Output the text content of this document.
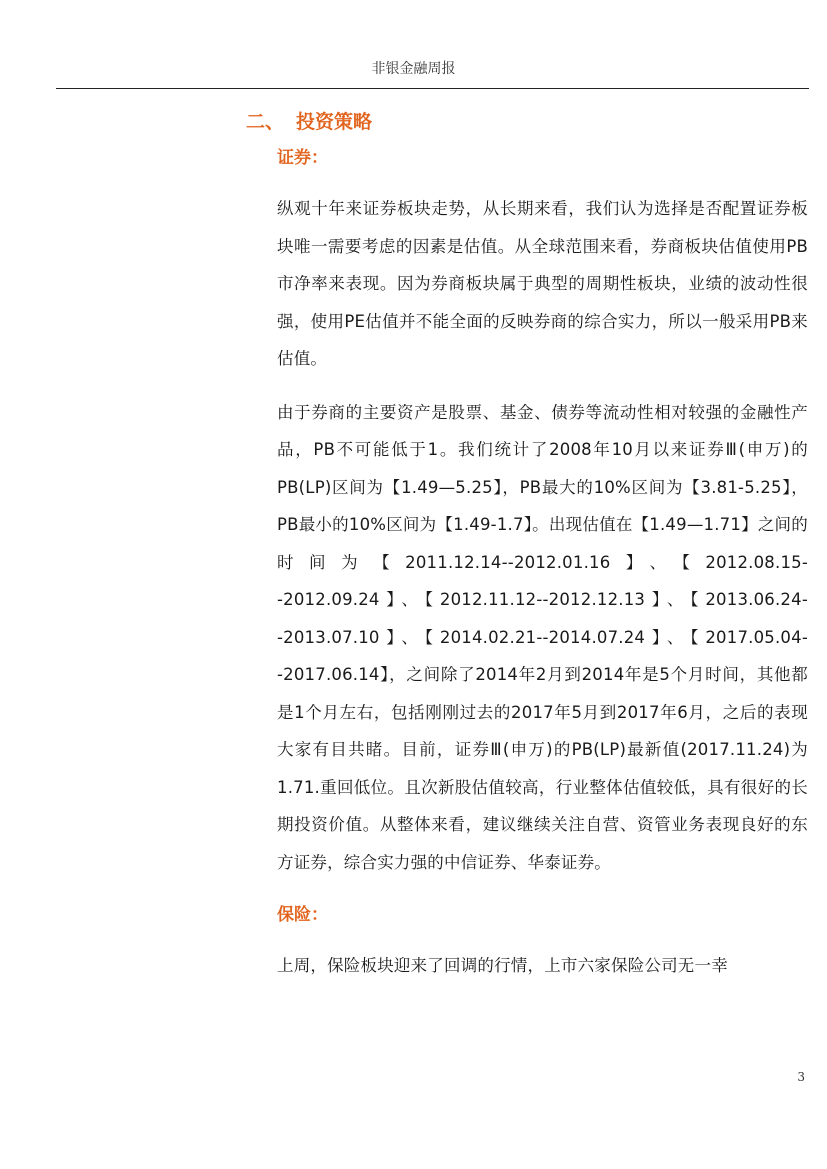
非银金融周报
二、 投资策略
证券：

纵观十年来证券板块走势，从长期来看，我们认为选择是否配置证券板块唯一需要考虑的因素是估值。从全球范围来看，券商板块估值使用PB市净率来表现。因为券商板块属于典型的周期性板块，业绩的波动性很强，使用PE估值并不能全面的反映券商的综合实力，所以一般采用PB来估值。

由于券商的主要资产是股票、基金、债券等流动性相对较强的金融性产品，PB不可能低于1。我们统计了2008年10月以来证券Ⅲ(申万)的PB(LP)区间为【1.49—5.25】，PB最大的10%区间为【3.81-5.25】，PB最小的10%区间为【1.49-1.7】。出现估值在【1.49—1.71】之间的时间为【2011.12.14--2012.01.16】、【2012.08.15--2012.09.24】、【2012.11.12--2012.12.13】、【2013.06.24--2013.07.10】、【2014.02.21--2014.07.24】、【2017.05.04--2017.06.14】，之间除了2014年2月到2014年是5个月时间，其他都是1个月左右，包括刚刚过去的2017年5月到2017年6月，之后的表现大家有目共睹。目前，证券Ⅲ(申万)的PB(LP)最新值(2017.11.24)为1.71.重回低位。且次新股估值较高，行业整体估值较低，具有很好的长期投资价值。从整体来看，建议继续关注自营、资管业务表现良好的东方证券，综合实力强的中信证券、华泰证券。

保险：

上周，保险板块迎来了回调的行情，上市六家保险公司无一幸

3
